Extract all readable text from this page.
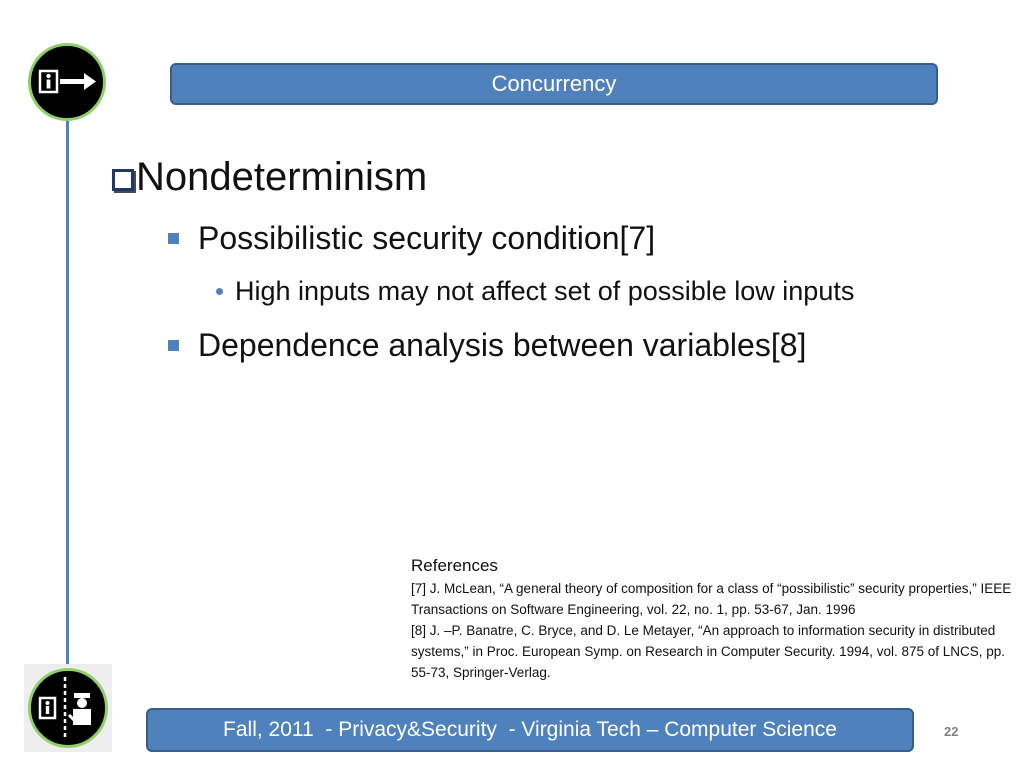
Concurrency
Nondeterminism
Possibilistic security condition[7]
High inputs may not affect set of possible low inputs
Dependence analysis between variables[8]
References
[7] J. McLean, “A general theory of composition for a class of “possibilistic” security properties,” IEEE Transactions on Software Engineering, vol. 22, no. 1, pp. 53-67, Jan. 1996
[8] J. –P. Banatre, C. Bryce, and D. Le Metayer, “An approach to information security in distributed systems,” in Proc. European Symp. on Research in Computer Security. 1994, vol. 875 of LNCS, pp. 55-73, Springer-Verlag.
Fall, 2011  - Privacy&Security  - Virginia Tech – Computer Science	22
